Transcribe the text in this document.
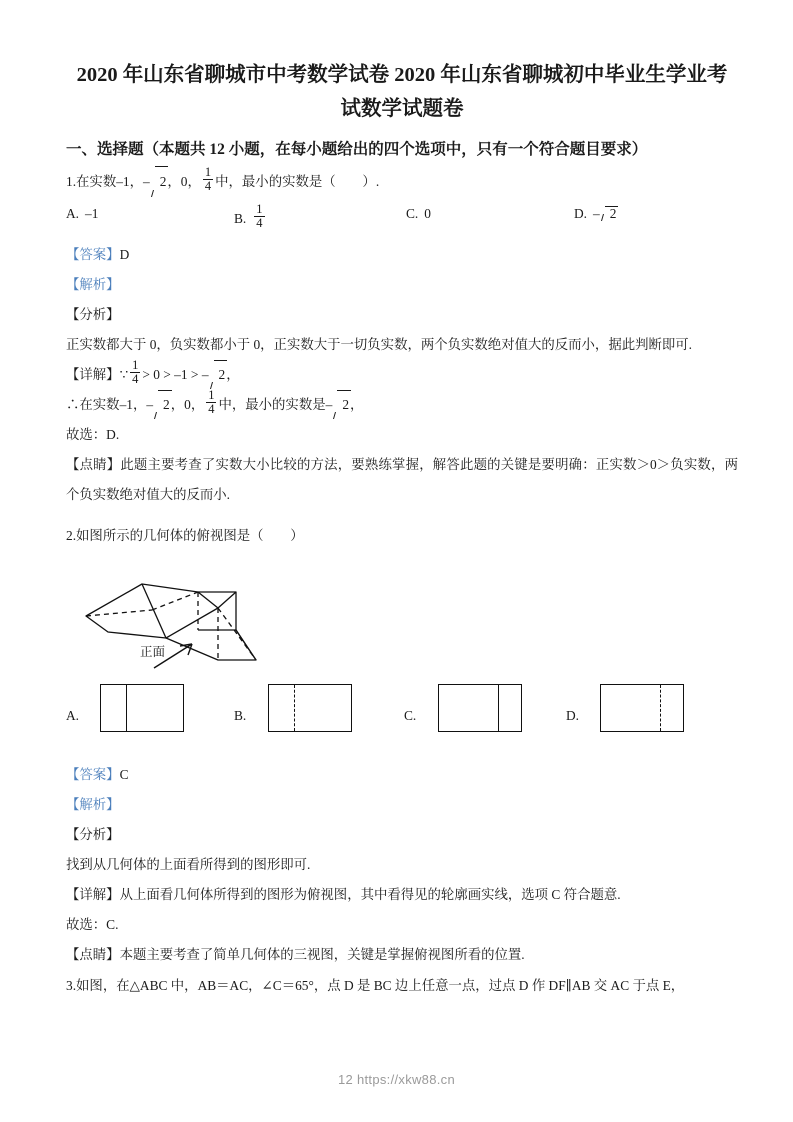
2020 年山东省聊城市中考数学试卷 2020 年山东省聊城初中毕业生学业考试数学试题卷
一、选择题（本题共 12 小题，在每小题给出的四个选项中，只有一个符合题目要求）
1.在实数–1，– 2，0， $\frac{1}{4}$ 中，最小的实数是（　　）.
A. –1	B. $\frac{1}{4}$	C. 0	D. – 2
【答案】D
【解析】
【分析】
正实数都大于 0，负实数都小于 0，正实数大于一切负实数，两个负实数绝对值大的反而小，据此判断即可.
【详解】∵ $\frac{1}{4} > 0 > -1$ > – 2，
∴在实数–1，– 2，0， $\frac{1}{4}$ 中，最小的实数是– 2，
故选：D.
【点睛】此题主要考查了实数大小比较的方法，要熟练掌握，解答此题的关键是要明确：正实数＞0＞负实数，两个负实数绝对值大的反而小.
2.如图所示的几何体的俯视图是（　　）
正面
A.	B.	C.	D.
【答案】C
【解析】
【分析】
找到从几何体的上面看所得到的图形即可.
【详解】从上面看几何体所得到的图形为俯视图，其中看得见的轮廓画实线，选项 C 符合题意.
故选：C.
【点睛】本题主要考查了简单几何体的三视图，关键是掌握俯视图所看的位置.
3.如图，在△ABC 中，AB＝AC，∠C＝65°，点 D 是 BC 边上任意一点，过点 D 作 DF∥AB 交 AC 于点 E，
12 https://xkw88.cn
